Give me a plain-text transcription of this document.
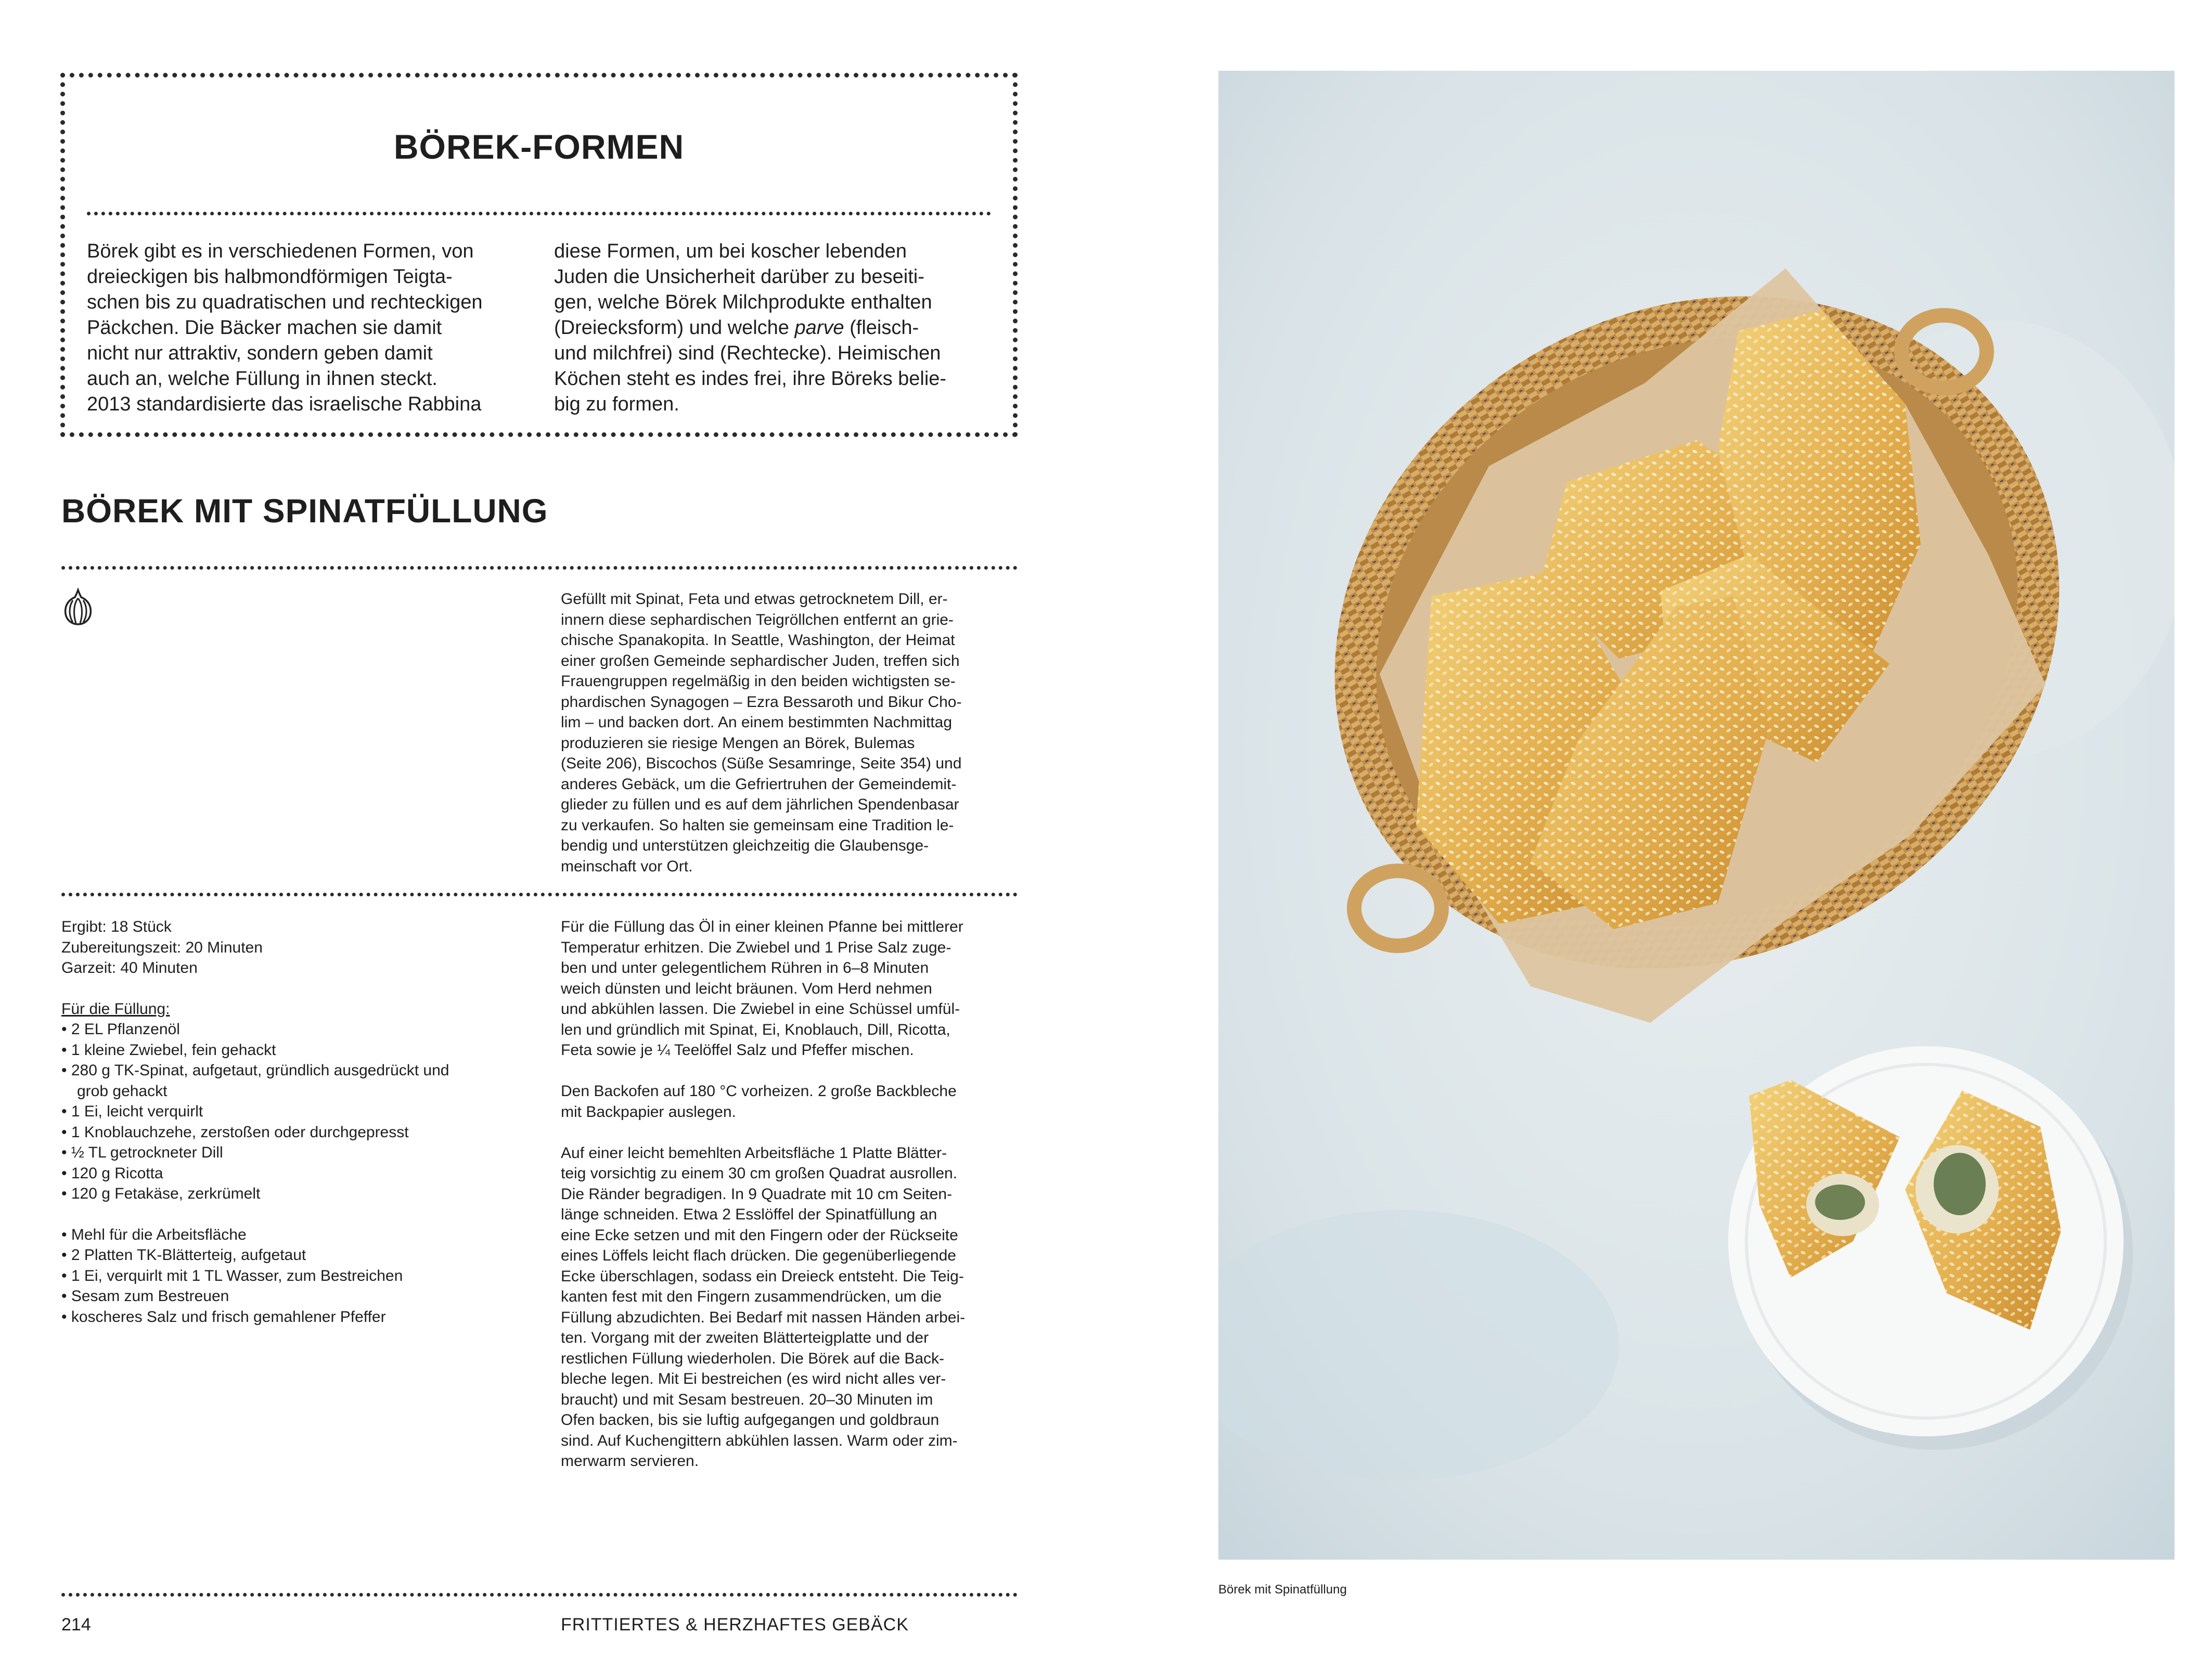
BÖREK-FORMEN
Börek gibt es in verschiedenen Formen, von
dreieckigen bis halbmondförmigen Teigta-
schen bis zu quadratischen und rechteckigen
Päckchen. Die Bäcker machen sie damit
nicht nur attraktiv, sondern geben damit
auch an, welche Füllung in ihnen steckt.
2013 standardisierte das israelische Rabbina
diese Formen, um bei koscher lebenden
Juden die Unsicherheit darüber zu beseiti-
gen, welche Börek Milchprodukte enthalten
(Dreiecksform) und welche parve (fleisch-
und milchfrei) sind (Rechtecke). Heimischen
Köchen steht es indes frei, ihre Böreks belie-
big zu formen.
BÖREK MIT SPINATFÜLLUNG
Gefüllt mit Spinat, Feta und etwas getrocknetem Dill, er-
innern diese sephardischen Teigröllchen entfernt an grie-
chische Spanakopita. In Seattle, Washington, der Heimat
einer großen Gemeinde sephardischer Juden, treffen sich
Frauengruppen regelmäßig in den beiden wichtigsten se-
phardischen Synagogen – Ezra Bessaroth und Bikur Cho-
lim – und backen dort. An einem bestimmten Nachmittag
produzieren sie riesige Mengen an Börek, Bulemas
(Seite 206), Biscochos (Süße Sesamringe, Seite 354) und
anderes Gebäck, um die Gefriertruhen der Gemeindemit-
glieder zu füllen und es auf dem jährlichen Spendenbasar
zu verkaufen. So halten sie gemeinsam eine Tradition le-
bendig und unterstützen gleichzeitig die Glaubensge-
meinschaft vor Ort.
Ergibt: 18 Stück
Zubereitungszeit: 20 Minuten
Garzeit: 40 Minuten
Für die Füllung:
• 2 EL Pflanzenöl
• 1 kleine Zwiebel, fein gehackt
• 280 g TK-Spinat, aufgetaut, gründlich ausgedrückt und
grob gehackt
• 1 Ei, leicht verquirlt
• 1 Knoblauchzehe, zerstoßen oder durchgepresst
• ½ TL getrockneter Dill
• 120 g Ricotta
• 120 g Fetakäse, zerkrümelt
• Mehl für die Arbeitsfläche
• 2 Platten TK-Blätterteig, aufgetaut
• 1 Ei, verquirlt mit 1 TL Wasser, zum Bestreichen
• Sesam zum Bestreuen
• koscheres Salz und frisch gemahlener Pfeffer

Für die Füllung das Öl in einer kleinen Pfanne bei mittlerer
Temperatur erhitzen. Die Zwiebel und 1 Prise Salz zuge-
ben und unter gelegentlichem Rühren in 6–8 Minuten
weich dünsten und leicht bräunen. Vom Herd nehmen
und abkühlen lassen. Die Zwiebel in eine Schüssel umfül-
len und gründlich mit Spinat, Ei, Knoblauch, Dill, Ricotta,
Feta sowie je ¼ Teelöffel Salz und Pfeffer mischen.

Den Backofen auf 180 °C vorheizen. 2 große Backbleche
mit Backpapier auslegen.

Auf einer leicht bemehlten Arbeitsfläche 1 Platte Blätter-
teig vorsichtig zu einem 30 cm großen Quadrat ausrollen.
Die Ränder begradigen. In 9 Quadrate mit 10 cm Seiten-
länge schneiden. Etwa 2 Esslöffel der Spinatfüllung an
eine Ecke setzen und mit den Fingern oder der Rückseite
eines Löffels leicht flach drücken. Die gegenüberliegende
Ecke überschlagen, sodass ein Dreieck entsteht. Die Teig-
kanten fest mit den Fingern zusammendrücken, um die
Füllung abzudichten. Bei Bedarf mit nassen Händen arbei-
ten. Vorgang mit der zweiten Blätterteigplatte und der
restlichen Füllung wiederholen. Die Börek auf die Back-
bleche legen. Mit Ei bestreichen (es wird nicht alles ver-
braucht) und mit Sesam bestreuen. 20–30 Minuten im
Ofen backen, bis sie luftig aufgegangen und goldbraun
sind. Auf Kuchengittern abkühlen lassen. Warm oder zim-
merwarm servieren.

214	FRITTIERTES & HERZHAFTES GEBÄCK
Börek mit Spinatfüllung
